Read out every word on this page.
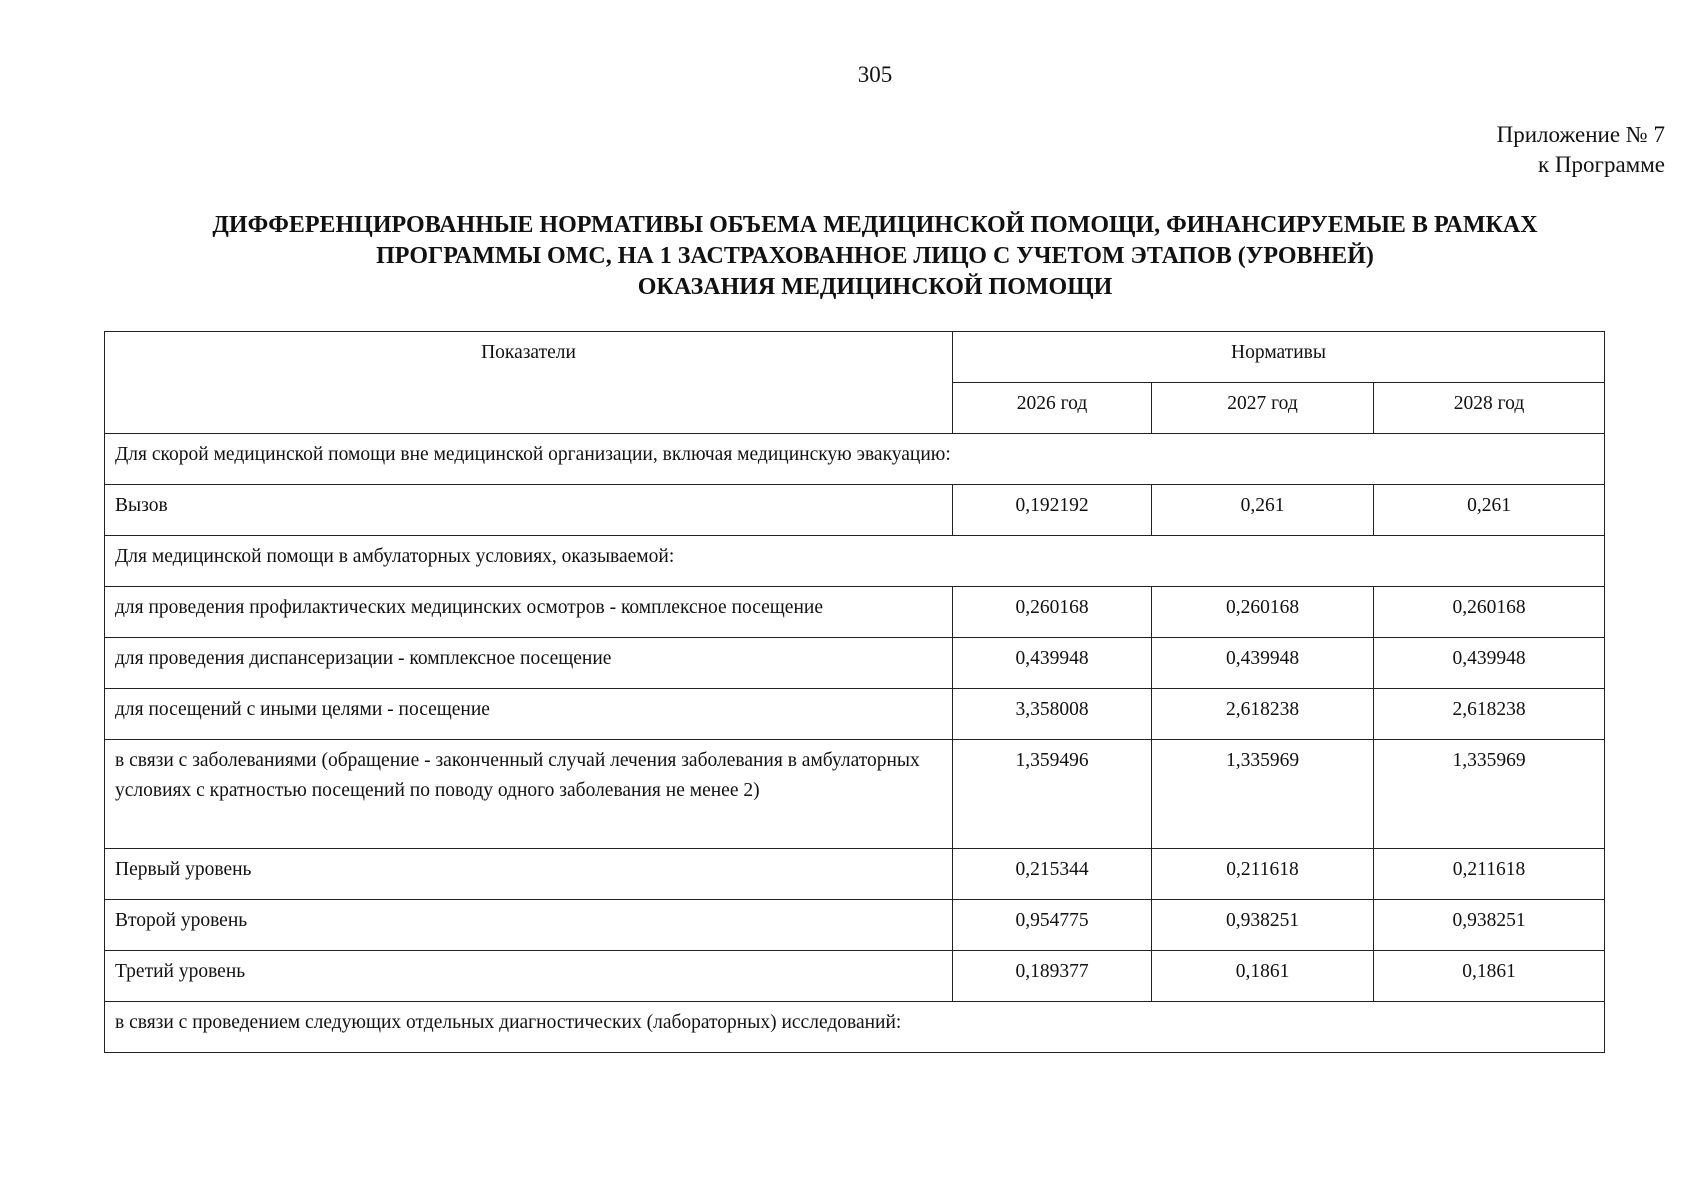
305
Приложение № 7
к Программе
ДИФФЕРЕНЦИРОВАННЫЕ НОРМАТИВЫ ОБЪЕМА МЕДИЦИНСКОЙ ПОМОЩИ, ФИНАНСИРУЕМЫЕ В РАМКАХ
ПРОГРАММЫ ОМС, НА 1 ЗАСТРАХОВАННОЕ ЛИЦО С УЧЕТОМ ЭТАПОВ (УРОВНЕЙ)
ОКАЗАНИЯ МЕДИЦИНСКОЙ ПОМОЩИ
Показатели	Нормативы		
	2026 год	2027 год	2028 год
Для скорой медицинской помощи вне медицинской организации, включая медицинскую эвакуацию:			
Вызов	0,192192	0,261	0,261
Для медицинской помощи в амбулаторных условиях, оказываемой:			
для проведения профилактических медицинских осмотров - комплексное посещение	0,260168	0,260168	0,260168
для проведения диспансеризации - комплексное посещение	0,439948	0,439948	0,439948
для посещений с иными целями - посещение	3,358008	2,618238	2,618238
в связи с заболеваниями (обращение - законченный случай лечения заболевания в амбулаторных условиях с кратностью посещений по поводу одного заболевания не менее 2)	1,359496	1,335969	1,335969
Первый уровень	0,215344	0,211618	0,211618
Второй уровень	0,954775	0,938251	0,938251
Третий уровень	0,189377	0,1861	0,1861
в связи с проведением следующих отдельных диагностических (лабораторных) исследований:			
